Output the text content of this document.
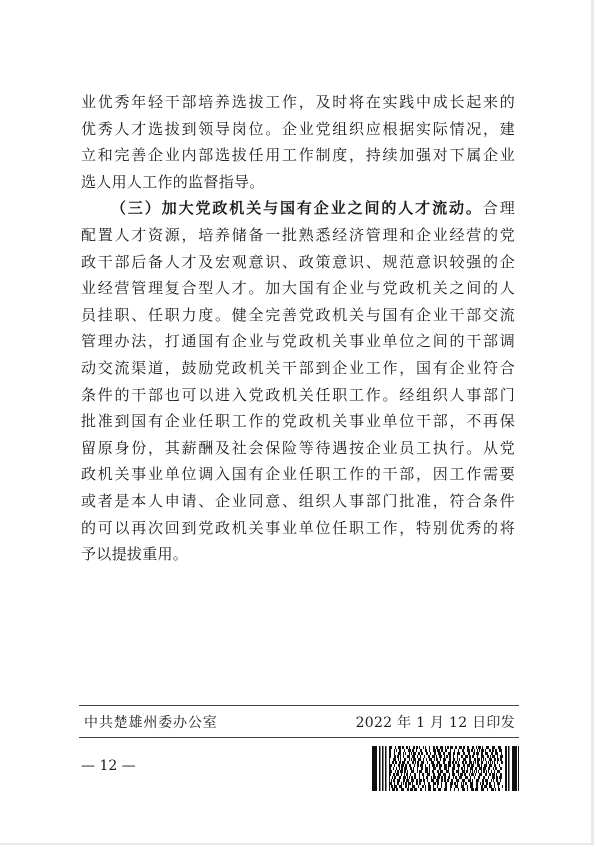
业优秀年轻干部培养选拔工作，及时将在实践中成长起来的
优秀人才选拔到领导岗位。企业党组织应根据实际情况，建
立和完善企业内部选拔任用工作制度，持续加强对下属企业
选人用人工作的监督指导。
（三）加大党政机关与国有企业之间的人才流动。合理
配置人才资源，培养储备一批熟悉经济管理和企业经营的党
政干部后备人才及宏观意识、政策意识、规范意识较强的企
业经营管理复合型人才。加大国有企业与党政机关之间的人
员挂职、任职力度。健全完善党政机关与国有企业干部交流
管理办法，打通国有企业与党政机关事业单位之间的干部调
动交流渠道，鼓励党政机关干部到企业工作，国有企业符合
条件的干部也可以进入党政机关任职工作。经组织人事部门
批准到国有企业任职工作的党政机关事业单位干部，不再保
留原身份，其薪酬及社会保险等待遇按企业员工执行。从党
政机关事业单位调入国有企业任职工作的干部，因工作需要
或者是本人申请、企业同意、组织人事部门批准，符合条件
的可以再次回到党政机关事业单位任职工作，特别优秀的将
予以提拔重用。
中共楚雄州委办公室	2022 年 1 月 12 日印发
— 12 —
